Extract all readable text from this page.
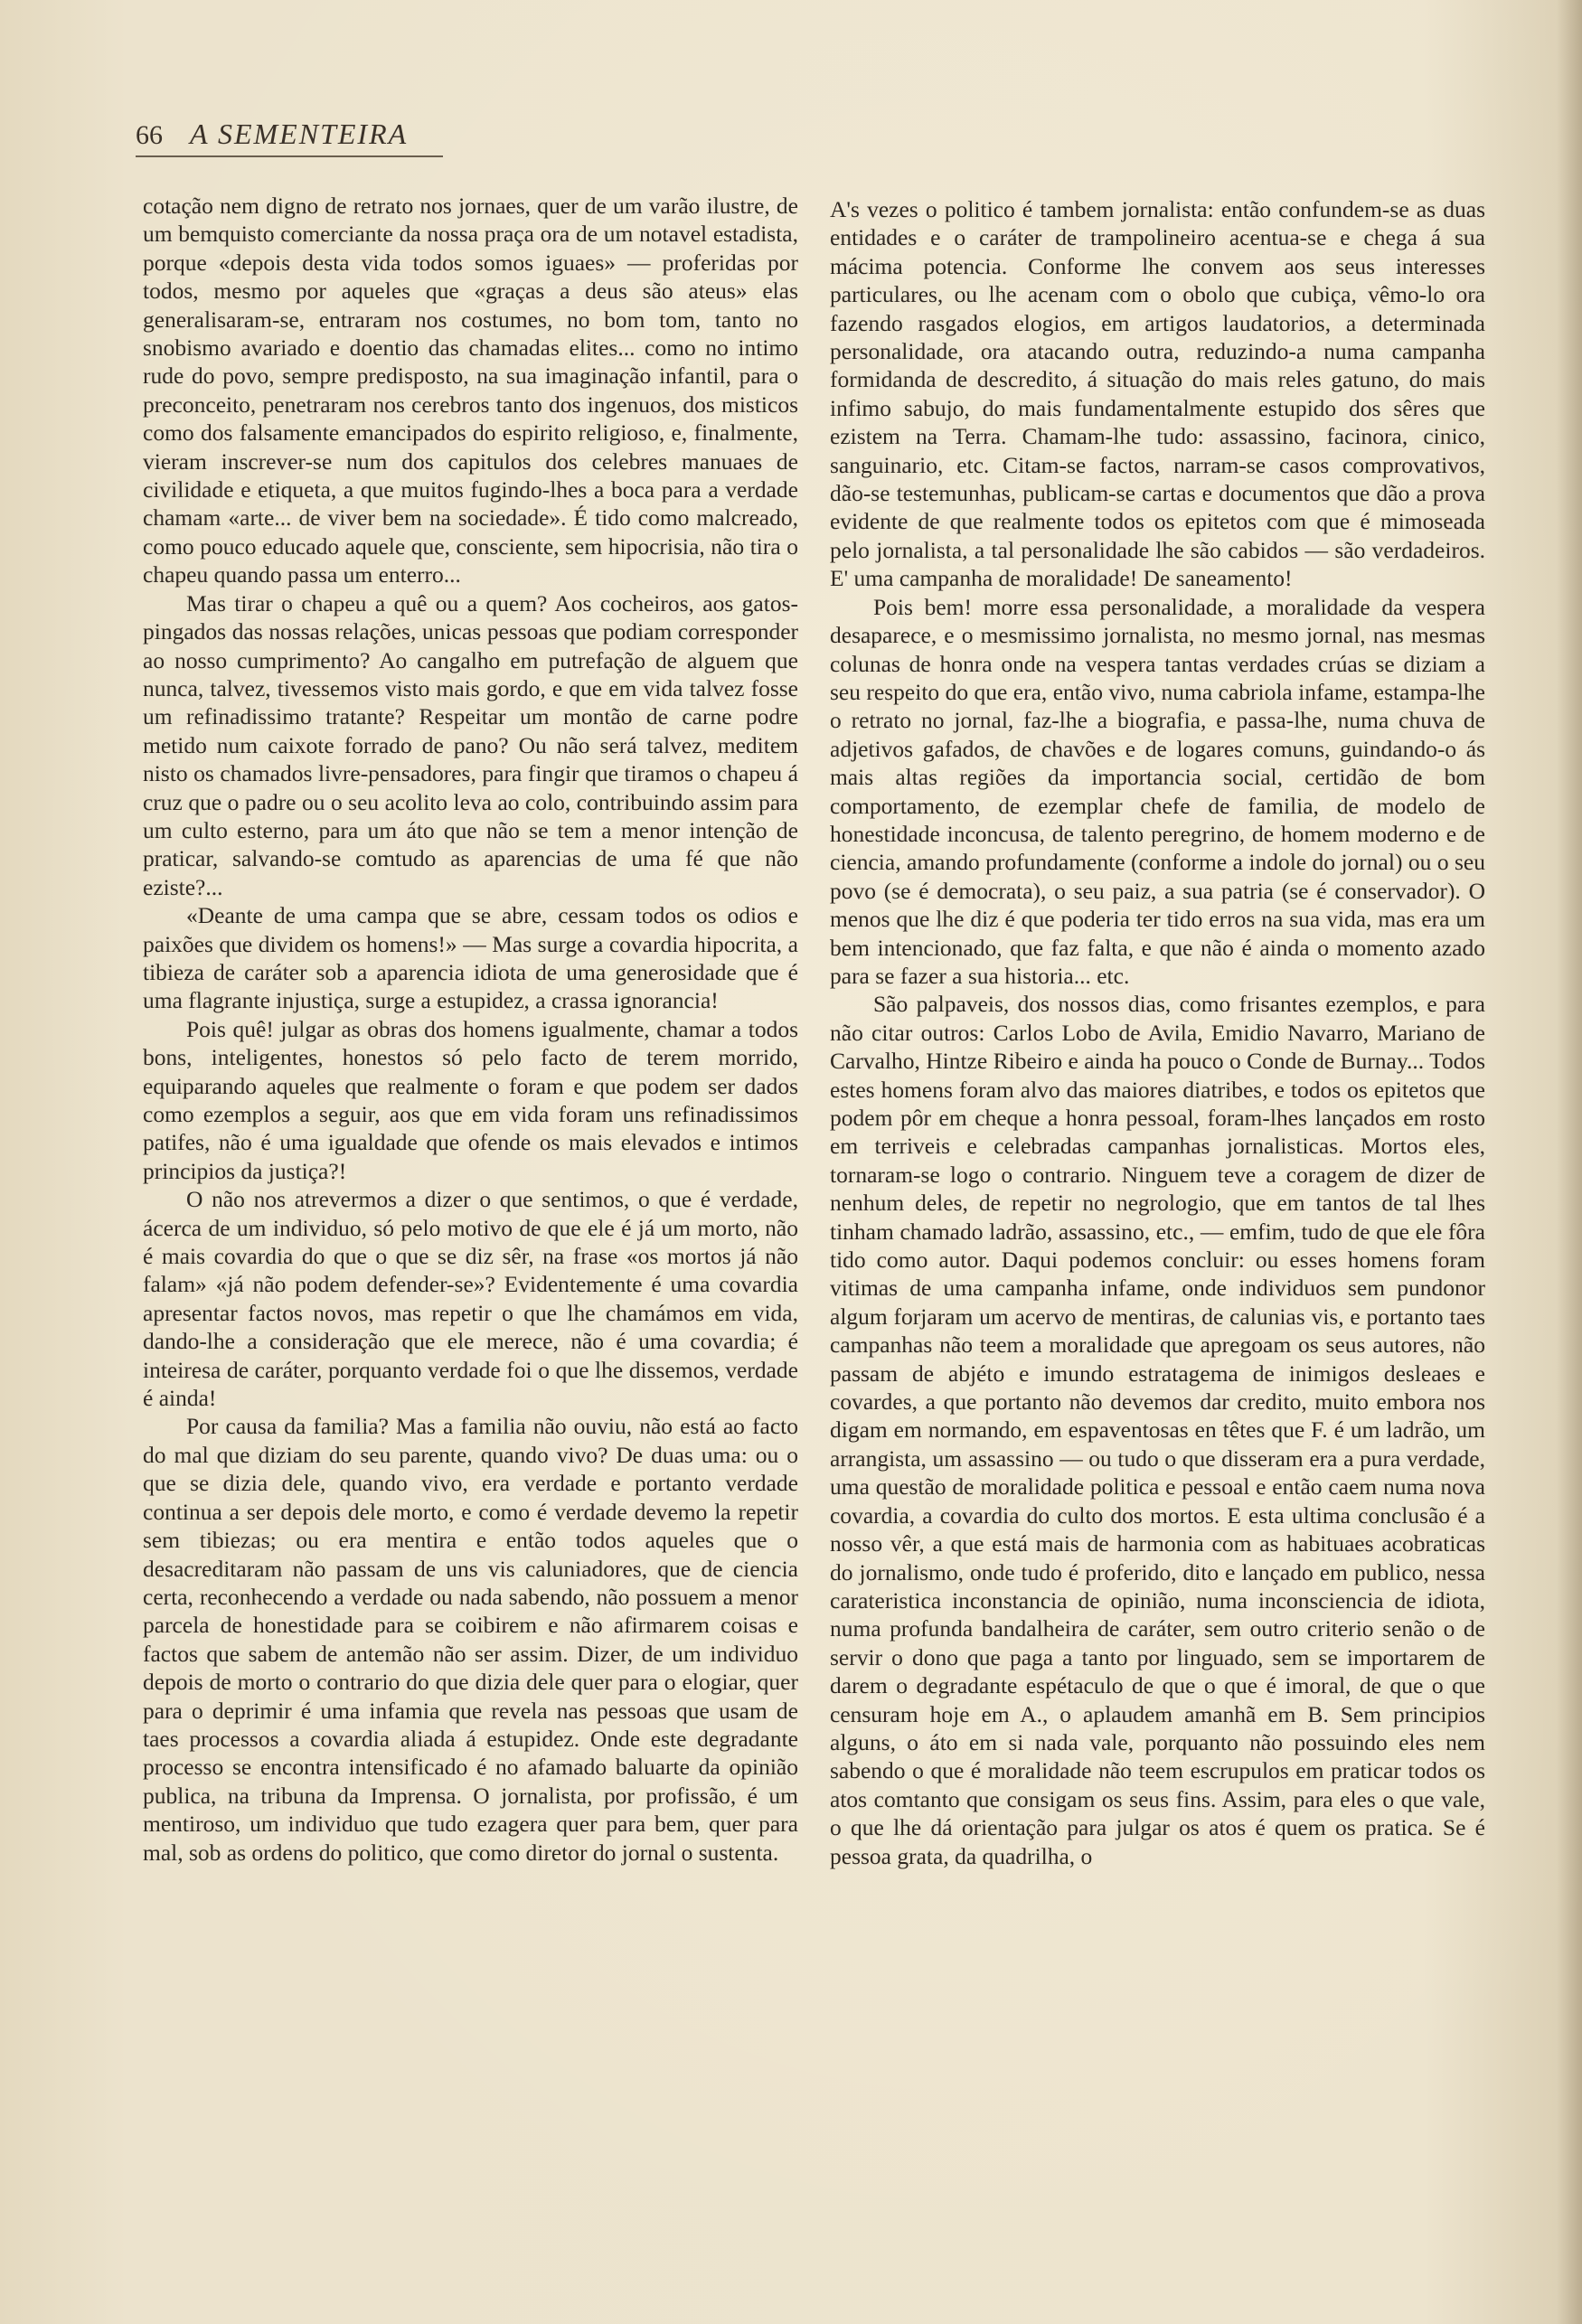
66 A SEMENTEIRA

cotação nem digno de retrato nos jornaes, quer de um varão ilustre, de um bemquisto comerciante da nossa praça ora de um notavel estadista, porque «depois desta vida todos somos iguaes» — proferidas por todos, mesmo por aqueles que «graças a deus são ateus» elas generalisaram-se, entraram nos costumes, no bom tom, tanto no snobismo avariado e doentio das chamadas elites... como no intimo rude do povo, sempre predisposto, na sua imaginação infantil, para o preconceito, penetraram nos cerebros tanto dos ingenuos, dos misticos como dos falsamente emancipados do espirito religioso, e, finalmente, vieram inscrever-se num dos capitulos dos celebres manuaes de civilidade e etiqueta, a que muitos fugindo-lhes a boca para a verdade chamam «arte... de viver bem na sociedade». É tido como malcreado, como pouco educado aquele que, consciente, sem hipocrisia, não tira o chapeu quando passa um enterro...

Mas tirar o chapeu a quê ou a quem? Aos cocheiros, aos gatos-pingados das nossas relações, unicas pessoas que podiam corresponder ao nosso cumprimento? Ao cangalho em putrefação de alguem que nunca, talvez, tivessemos visto mais gordo, e que em vida talvez fosse um refinadissimo tratante? Respeitar um montão de carne podre metido num caixote forrado de pano? Ou não será talvez, meditem nisto os chamados livre-pensadores, para fingir que tiramos o chapeu á cruz que o padre ou o seu acolito leva ao colo, contribuindo assim para um culto esterno, para um áto que não se tem a menor intenção de praticar, salvando-se comtudo as aparencias de uma fé que não eziste?...

«Deante de uma campa que se abre, cessam todos os odios e paixões que dividem os homens!» — Mas surge a covardia hipocrita, a tibieza de caráter sob a aparencia idiota de uma generosidade que é uma flagrante injustiça, surge a estupidez, a crassa ignorancia!

Pois quê! julgar as obras dos homens igualmente, chamar a todos bons, inteligentes, honestos só pelo facto de terem morrido, equiparando aqueles que realmente o foram e que podem ser dados como ezemplos a seguir, aos que em vida foram uns refinadissimos patifes, não é uma igualdade que ofende os mais elevados e intimos principios da justiça?!

O não nos atrevermos a dizer o que sentimos, o que é verdade, ácerca de um individuo, só pelo motivo de que ele é já um morto, não é mais covardia do que o que se diz sêr, na frase «os mortos já não falam» «já não podem defender-se»? Evidentemente é uma covardia apresentar factos novos, mas repetir o que lhe chamámos em vida, dando-lhe a consideração que ele merece, não é uma covardia; é inteiresa de caráter, porquanto verdade foi o que lhe dissemos, verdade é ainda!

Por causa da familia? Mas a familia não ouviu, não está ao facto do mal que diziam do seu parente, quando vivo? De duas uma: ou o que se dizia dele, quando vivo, era verdade e portanto verdade continua a ser depois dele morto, e como é verdade devemo la repetir sem tibiezas; ou era mentira e então todos aqueles que o desacreditaram não passam de uns vis caluniadores, que de ciencia certa, reconhecendo a verdade ou nada sabendo, não possuem a menor parcela de honestidade para se coibirem e não afirmarem coisas e factos que sabem de antemão não ser assim. Dizer, de um individuo depois de morto o contrario do que dizia dele quer para o elogiar, quer para o deprimir é uma infamia que revela nas pessoas que usam de taes processos a covardia aliada á estupidez. Onde este degradante processo se encontra intensificado é no afamado baluarte da opinião publica, na tribuna da Imprensa. O jornalista, por profissão, é um mentiroso, um individuo que tudo ezagera quer para bem, quer para mal, sob as ordens do politico, que como diretor do jornal o sustenta.

A's vezes o politico é tambem jornalista: então confundem-se as duas entidades e o caráter de trampolineiro acentua-se e chega á sua mácima potencia. Conforme lhe convem aos seus interesses particulares, ou lhe acenam com o obolo que cubiça, vêmo-lo ora fazendo rasgados elogios, em artigos laudatorios, a determinada personalidade, ora atacando outra, reduzindo-a numa campanha formidanda de descredito, á situação do mais reles gatuno, do mais infimo sabujo, do mais fundamentalmente estupido dos sêres que ezistem na Terra. Chamam-lhe tudo: assassino, facinora, cinico, sanguinario, etc. Citam-se factos, narram-se casos comprovativos, dão-se testemunhas, publicam-se cartas e documentos que dão a prova evidente de que realmente todos os epitetos com que é mimoseada pelo jornalista, a tal personalidade lhe são cabidos — são verdadeiros. E' uma campanha de moralidade! De saneamento!

Pois bem! morre essa personalidade, a moralidade da vespera desaparece, e o mesmissimo jornalista, no mesmo jornal, nas mesmas colunas de honra onde na vespera tantas verdades crúas se diziam a seu respeito do que era, então vivo, numa cabriola infame, estampa-lhe o retrato no jornal, faz-lhe a biografia, e passa-lhe, numa chuva de adjetivos gafados, de chavões e de logares comuns, guindando-o ás mais altas regiões da importancia social, certidão de bom comportamento, de ezemplar chefe de familia, de modelo de honestidade inconcusa, de talento peregrino, de homem moderno e de ciencia, amando profundamente (conforme a indole do jornal) ou o seu povo (se é democrata), o seu paiz, a sua patria (se é conservador). O menos que lhe diz é que poderia ter tido erros na sua vida, mas era um bem intencionado, que faz falta, e que não é ainda o momento azado para se fazer a sua historia... etc.

São palpaveis, dos nossos dias, como frisantes ezemplos, e para não citar outros: Carlos Lobo de Avila, Emidio Navarro, Mariano de Carvalho, Hintze Ribeiro e ainda ha pouco o Conde de Burnay... Todos estes homens foram alvo das maiores diatribes, e todos os epitetos que podem pôr em cheque a honra pessoal, foram-lhes lançados em rosto em terriveis e celebradas campanhas jornalisticas. Mortos eles, tornaram-se logo o contrario. Ninguem teve a coragem de dizer de nenhum deles, de repetir no negrologio, que em tantos de tal lhes tinham chamado ladrão, assassino, etc., — emfim, tudo de que ele fôra tido como autor. Daqui podemos concluir: ou esses homens foram vitimas de uma campanha infame, onde individuos sem pundonor algum forjaram um acervo de mentiras, de calunias vis, e portanto taes campanhas não teem a moralidade que apregoam os seus autores, não passam de abjéto e imundo estratagema de inimigos desleaes e covardes, a que portanto não devemos dar credito, muito embora nos digam em normando, em espaventosas en têtes que F. é um ladrão, um arrangista, um assassino — ou tudo o que disseram era a pura verdade, uma questão de moralidade politica e pessoal e então caem numa nova covardia, a covardia do culto dos mortos. E esta ultima conclusão é a nosso vêr, a que está mais de harmonia com as habituaes acobraticas do jornalismo, onde tudo é proferido, dito e lançado em publico, nessa carateristica inconstancia de opinião, numa inconsciencia de idiota, numa profunda bandalheira de caráter, sem outro criterio senão o de servir o dono que paga a tanto por linguado, sem se importarem de darem o degradante espétaculo de que o que é imoral, de que o que censuram hoje em A., o aplaudem amanhã em B. Sem principios alguns, o áto em si nada vale, porquanto não possuindo eles nem sabendo o que é moralidade não teem escrupulos em praticar todos os atos comtanto que consigam os seus fins. Assim, para eles o que vale, o que lhe dá orientação para julgar os atos é quem os pratica. Se é pessoa grata, da quadrilha, o
